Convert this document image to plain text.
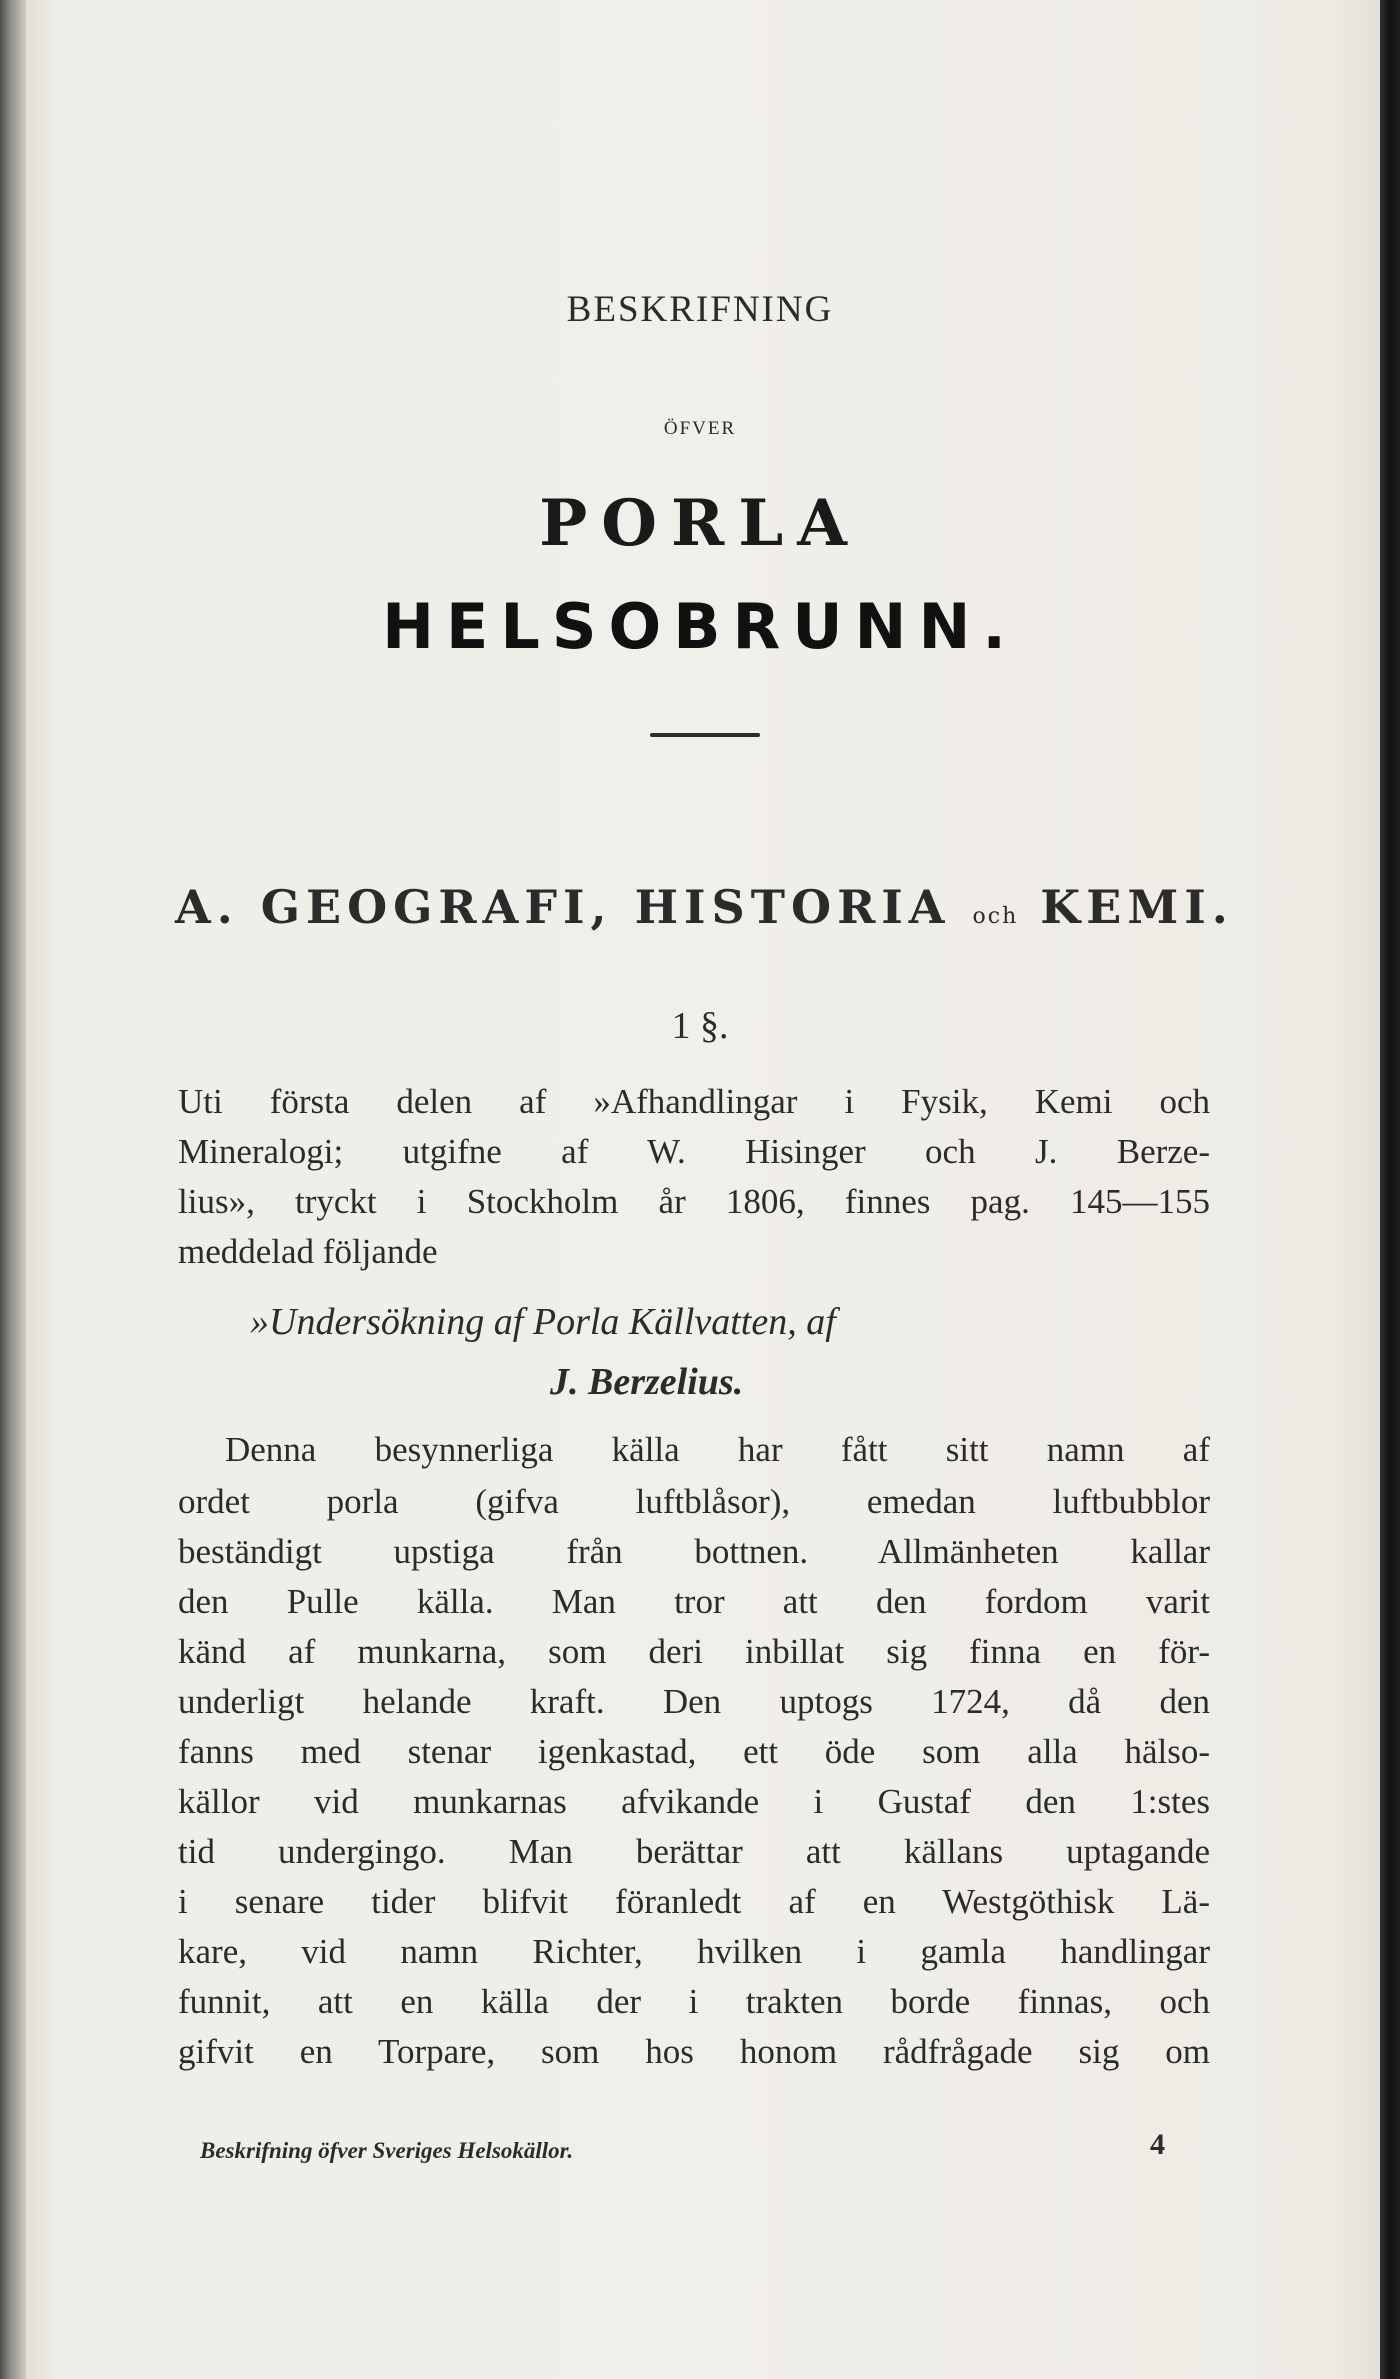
BESKRIFNING
ÖFVER
PORLA
HELSOBRUNN.
A. GEOGRAFI, HISTORIA och KEMI.
1 §.
Uti första delen af »Afhandlingar i Fysik, Kemi och
Mineralogi; utgifne af W. Hisinger och J. Berze-
lius», tryckt i Stockholm år 1806, finnes pag. 145—155
meddelad följande
»Undersökning af Porla Källvatten, af
J. Berzelius.
Denna besynnerliga källa har fått sitt namn af
ordet porla (gifva luftblåsor), emedan luftbubblor
beständigt upstiga från bottnen. Allmänheten kallar
den Pulle källa. Man tror att den fordom varit
känd af munkarna, som deri inbillat sig finna en för-
underligt helande kraft. Den uptogs 1724, då den
fanns med stenar igenkastad, ett öde som alla hälso-
källor vid munkarnas afvikande i Gustaf den 1:stes
tid undergingo. Man berättar att källans uptagande
i senare tider blifvit föranledt af en Westgöthisk Lä-
kare, vid namn Richter, hvilken i gamla handlingar
funnit, att en källa der i trakten borde finnas, och
gifvit en Torpare, som hos honom rådfrågade sig om
Beskrifning öfver Sveriges Helsokällor.	4
